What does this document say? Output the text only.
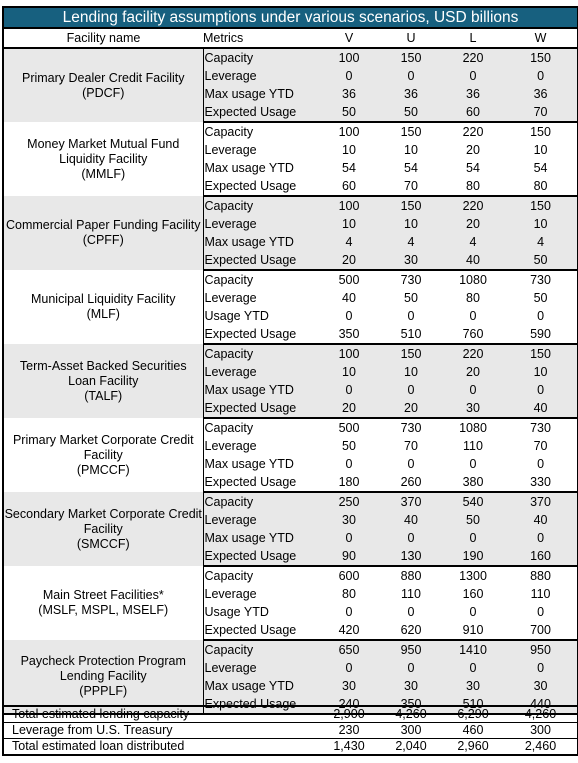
Lending facility assumptions under various scenarios, USD billions					
Facility name	Metrics	V	U	L	W

Primary Dealer Credit Facility
(PDCF)	Capacity	100	150	220	150
	Leverage	0	0	0	0
	Max usage YTD	36	36	36	36
	Expected Usage	50	50	60	70

Money Market Mutual Fund
Liquidity Facility
(MMLF)	Capacity	100	150	220	150
	Leverage	10	10	20	10
	Max usage YTD	54	54	54	54
	Expected Usage	60	70	80	80

Commercial Paper Funding Facility
(CPFF)	Capacity	100	150	220	150
	Leverage	10	10	20	10
	Max usage YTD	4	4	4	4
	Expected Usage	20	30	40	50

Municipal Liquidity Facility
(MLF)	Capacity	500	730	1080	730
	Leverage	40	50	80	50
	Usage YTD	0	0	0	0
	Expected Usage	350	510	760	590

Term-Asset Backed Securities
Loan Facility
(TALF)	Capacity	100	150	220	150
	Leverage	10	10	20	10
	Max usage YTD	0	0	0	0
	Expected Usage	20	20	30	40

Primary Market Corporate Credit
Facility
(PMCCF)	Capacity	500	730	1080	730
	Leverage	50	70	110	70
	Max usage YTD	0	0	0	0
	Expected Usage	180	260	380	330

Secondary Market Corporate Credit
Facility
(SMCCF)	Capacity	250	370	540	370
	Leverage	30	40	50	40
	Max usage YTD	0	0	0	0
	Expected Usage	90	130	190	160

Main Street Facilities*
(MSLF, MSPL, MSELF)	Capacity	600	880	1300	880
	Leverage	80	110	160	110
	Usage YTD	0	0	0	0
	Expected Usage	420	620	910	700

Paycheck Protection Program
Lending Facility
(PPPLF)	Capacity	650	950	1410	950
	Leverage	0	0	0	0
	Max usage YTD	30	30	30	30
	Expected Usage	240	350	510	440
Total estimated lending capacity	2,900	4,260	6,290	4,260
Leverage from U.S. Treasury	230	300	460	300
Total estimated loan distributed	1,430	2,040	2,960	2,460
